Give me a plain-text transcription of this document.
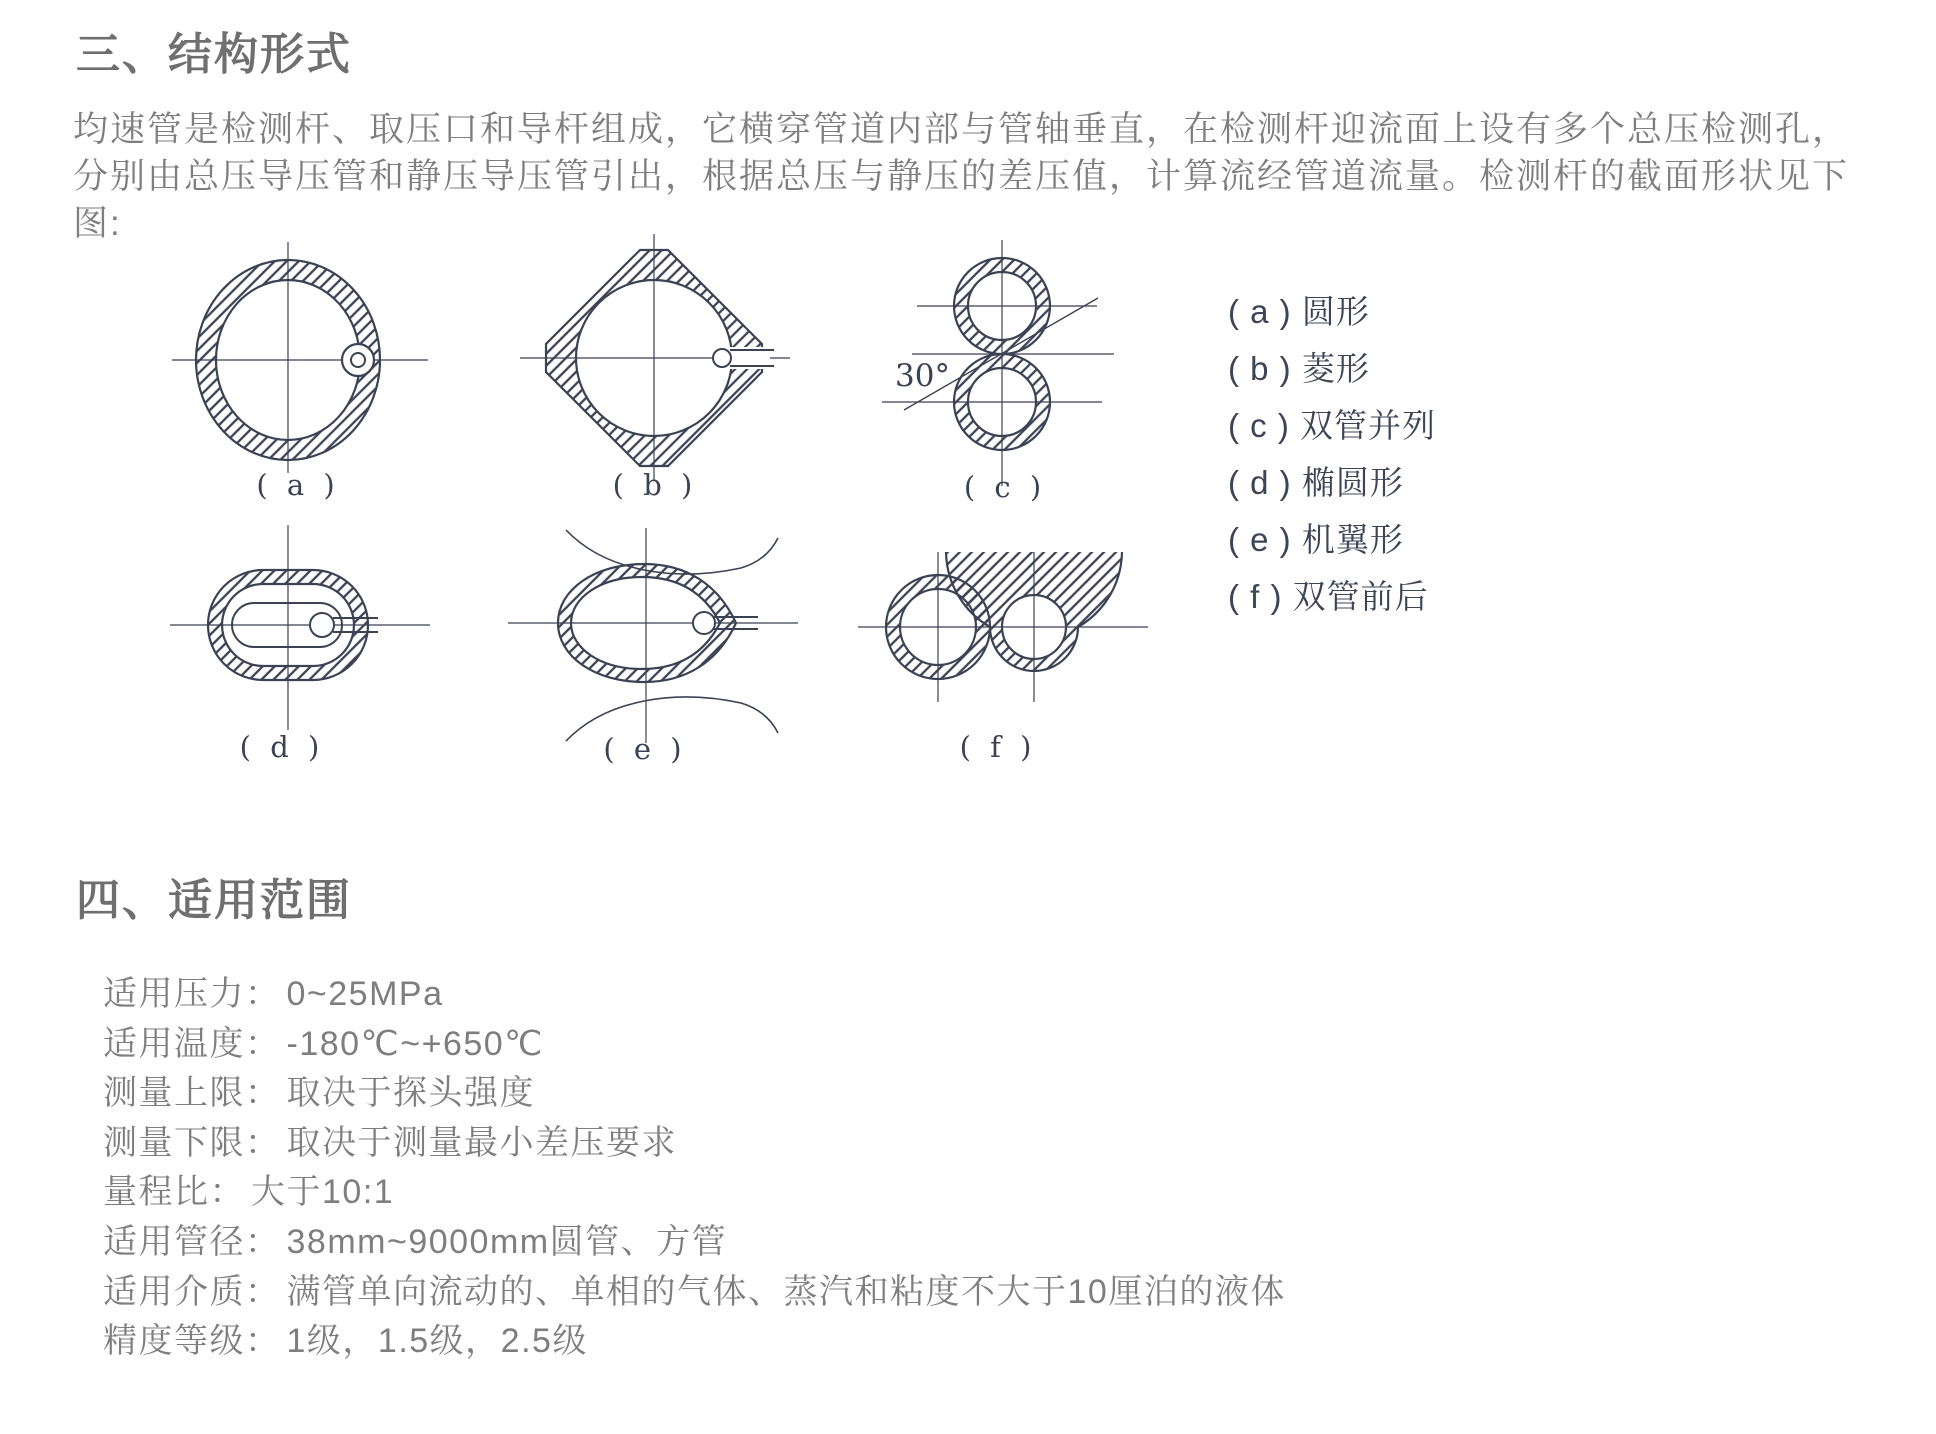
三、结构形式
均速管是检测杆、取压口和导杆组成，它横穿管道内部与管轴垂直，在检测杆迎流面上设有多个总压检测孔，
分别由总压导压管和静压导压管引出，根据总压与静压的差压值，计算流经管道流量。检测杆的截面形状见下
图:
30°
( a )	( b )	( c )
( d )	( e )	( f )
( a ) 圆形
( b ) 菱形
( c ) 双管并列
( d ) 椭圆形
( e ) 机翼形
( f ) 双管前后
四、适用范围
适用压力： 0~25MPa
适用温度： -180℃~+650℃
测量上限： 取决于探头强度
测量下限： 取决于测量最小差压要求
量程比： 大于10:1
适用管径： 38mm~9000mm圆管、方管
适用介质： 满管单向流动的、单相的气体、蒸汽和粘度不大于10厘泊的液体
精度等级： 1级，1.5级，2.5级
